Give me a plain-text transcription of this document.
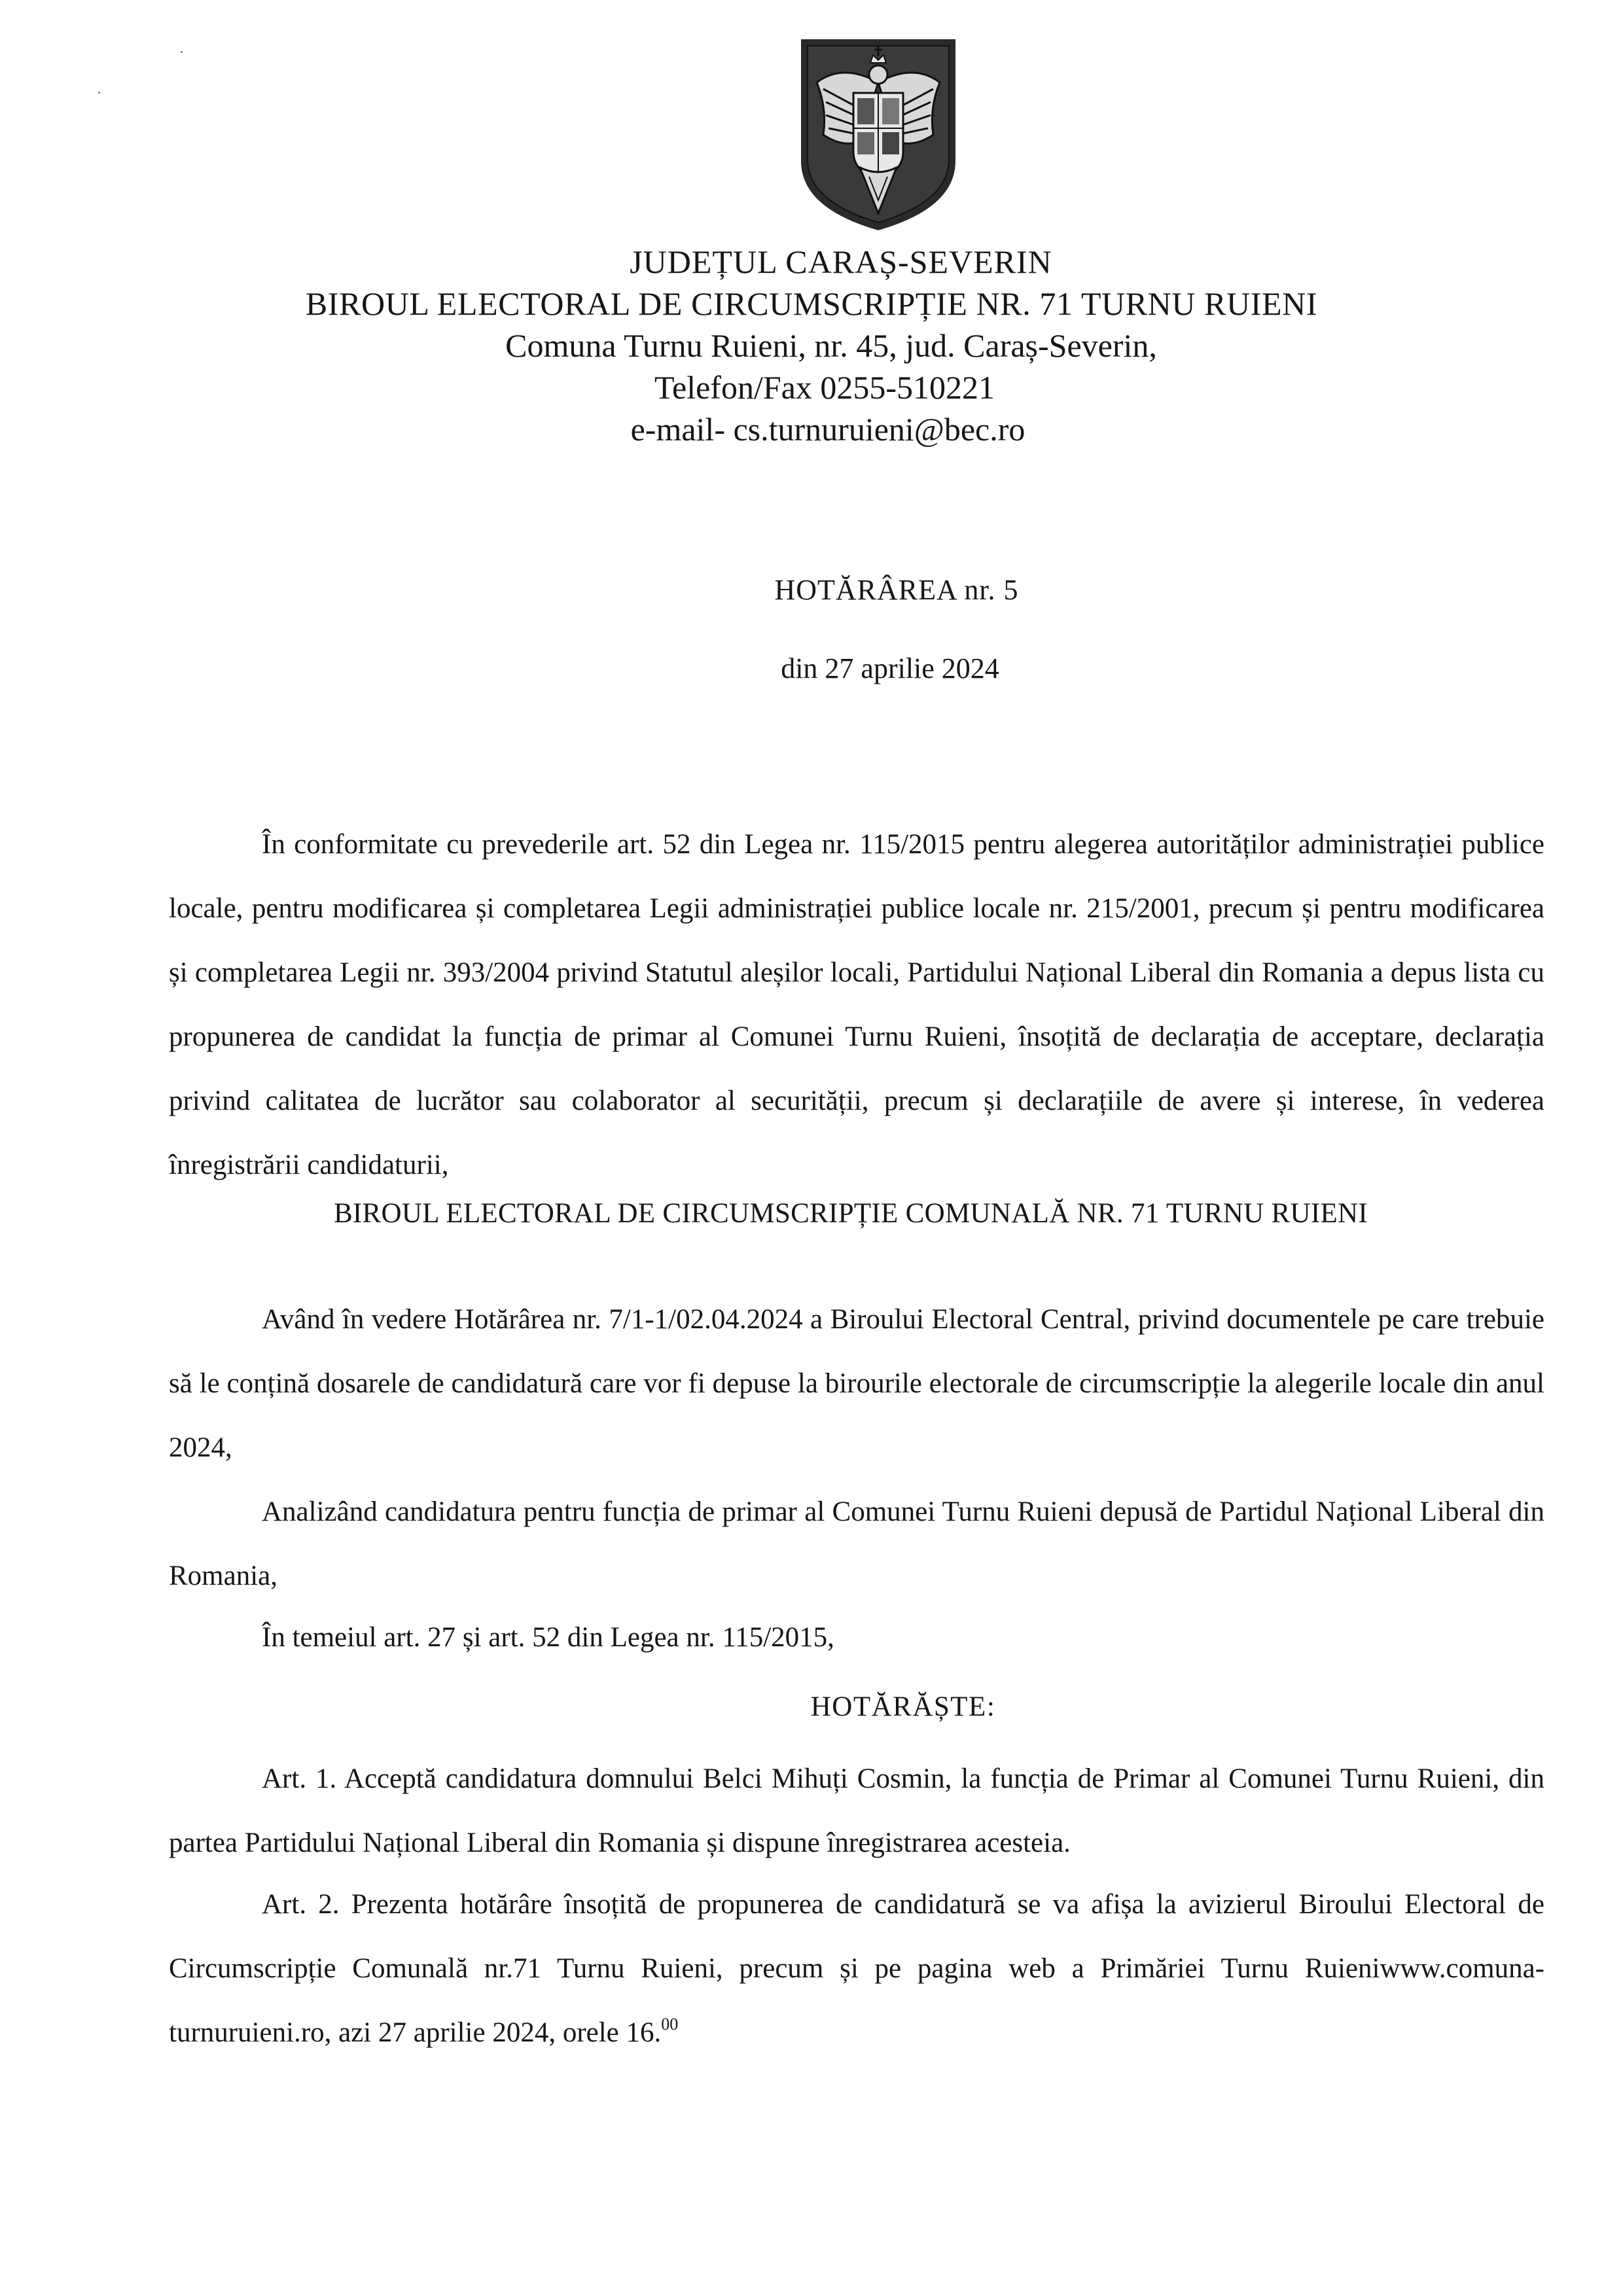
JUDEȚUL CARAȘ-SEVERIN
BIROUL ELECTORAL DE CIRCUMSCRIPȚIE NR. 71 TURNU RUIENI
Comuna Turnu Ruieni, nr. 45, jud. Caraș-Severin,
Telefon/Fax 0255-510221
e-mail- cs.turnuruieni@bec.ro
HOTĂRÂREA nr. 5
din 27 aprilie 2024
În conformitate cu prevederile art. 52 din Legea nr. 115/2015 pentru alegerea autorităților administrației publice locale, pentru modificarea și completarea Legii administrației publice locale nr. 215/2001, precum și pentru modificarea și completarea Legii nr. 393/2004 privind Statutul aleșilor locali, Partidului Național Liberal din Romania a depus lista cu propunerea de candidat la funcția de primar al Comunei Turnu Ruieni, însoțită de declarația de acceptare, declarația privind calitatea de lucrător sau colaborator al securității, precum și declarațiile de avere și interese, în vederea înregistrării candidaturii,
BIROUL ELECTORAL DE CIRCUMSCRIPȚIE COMUNALĂ NR. 71 TURNU RUIENI
Având în vedere Hotărârea nr. 7/1-1/02.04.2024 a Biroului Electoral Central, privind documentele pe care trebuie să le conțină dosarele de candidatură care vor fi depuse la birourile electorale de circumscripție la alegerile locale din anul 2024,
Analizând candidatura pentru funcția de primar al Comunei Turnu Ruieni depusă de Partidul Național Liberal din Romania,
În temeiul art. 27 și art. 52 din Legea nr. 115/2015,
HOTĂRĂȘTE:
Art. 1. Acceptă candidatura domnului Belci Mihuți Cosmin, la funcția de Primar al Comunei Turnu Ruieni, din partea Partidului Național Liberal din Romania și dispune înregistrarea acesteia.
Art. 2. Prezenta hotărâre însoțită de propunerea de candidatură se va afișa la avizierul Biroului Electoral de Circumscripție Comunală nr.71 Turnu Ruieni, precum și pe pagina web a Primăriei Turnu Ruieniwww.comuna-turnuruieni.ro, azi 27 aprilie 2024, orele 16.00
